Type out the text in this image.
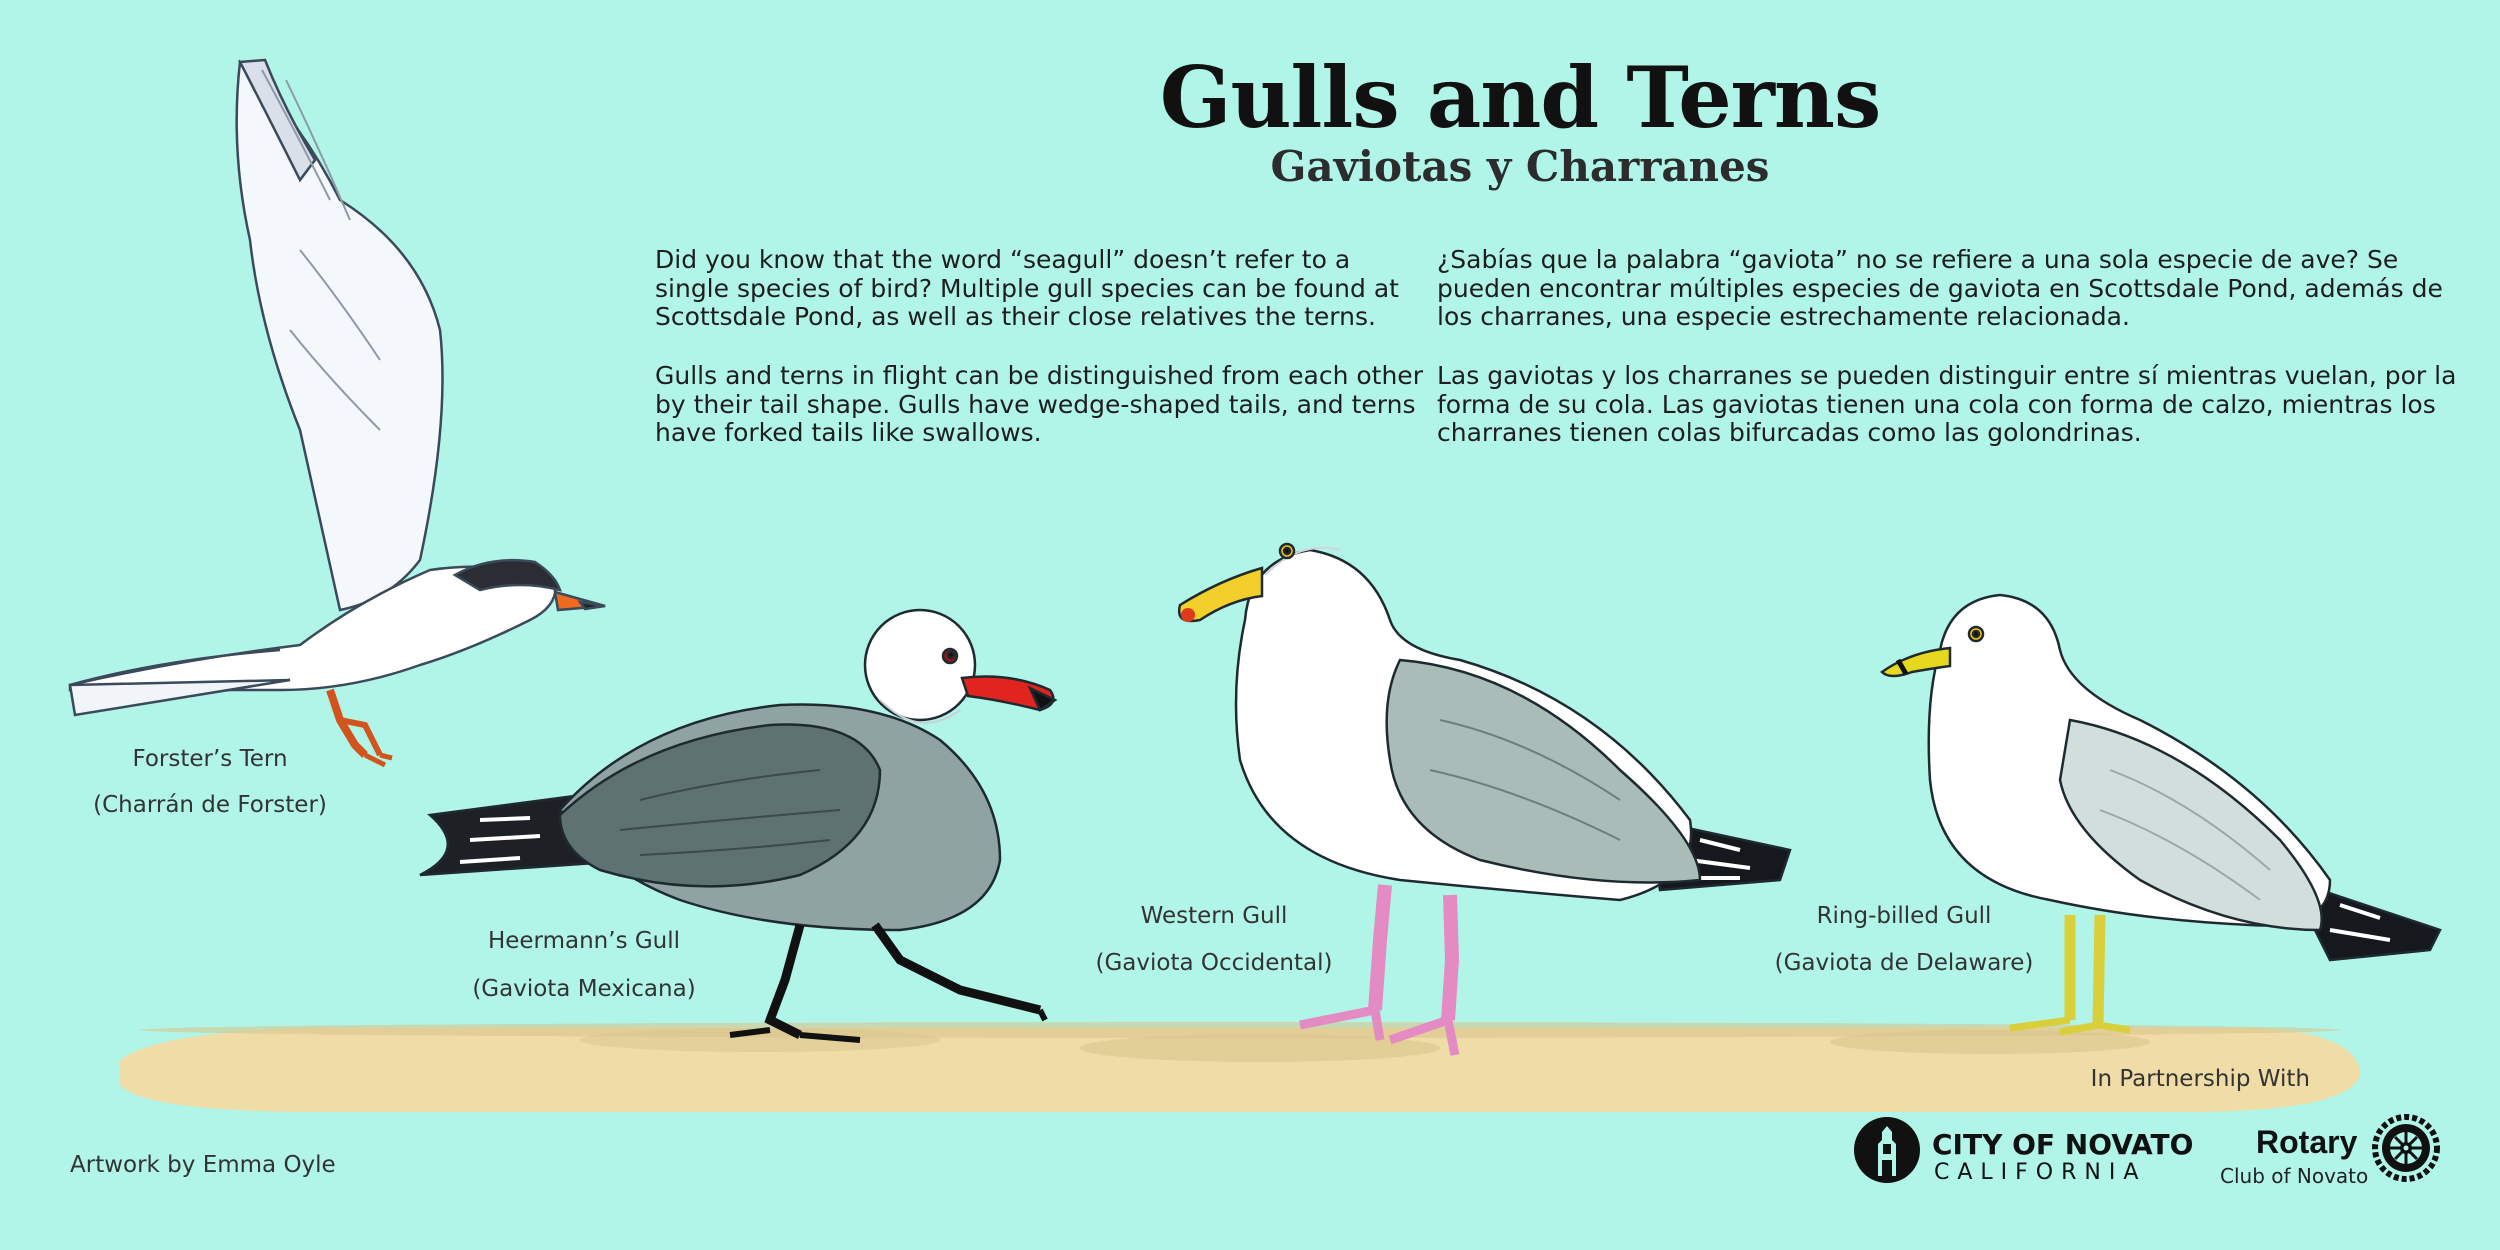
Gulls and Terns
Gaviotas y Charranes

Did you know that the word “seagull” doesn’t refer to a single species of bird? Multiple gull species can be found at Scottsdale Pond, as well as their close relatives the terns.

Gulls and terns in flight can be distinguished from each other by their tail shape. Gulls have wedge-shaped tails, and terns have forked tails like swallows.

¿Sabías que la palabra “gaviota” no se refiere a una sola especie de ave? Se pueden encontrar múltiples especies de gaviota en Scottsdale Pond, además de los charranes, una especie estrechamente relacionada.

Las gaviotas y los charranes se pueden distinguir entre sí mientras vuelan, por la forma de su cola. Las gaviotas tienen una cola con forma de calzo, mientras los charranes tienen colas bifurcadas como las golondrinas.

Forster’s Tern
(Charrán de Forster)
Heermann’s Gull
(Gaviota Mexicana)
Western Gull
(Gaviota Occidental)
Ring-billed Gull
(Gaviota de Delaware)
Artwork by Emma Oyle
In Partnership With
CITY OF NOVATO
CALIFORNIA
Rotary
Club of Novato
